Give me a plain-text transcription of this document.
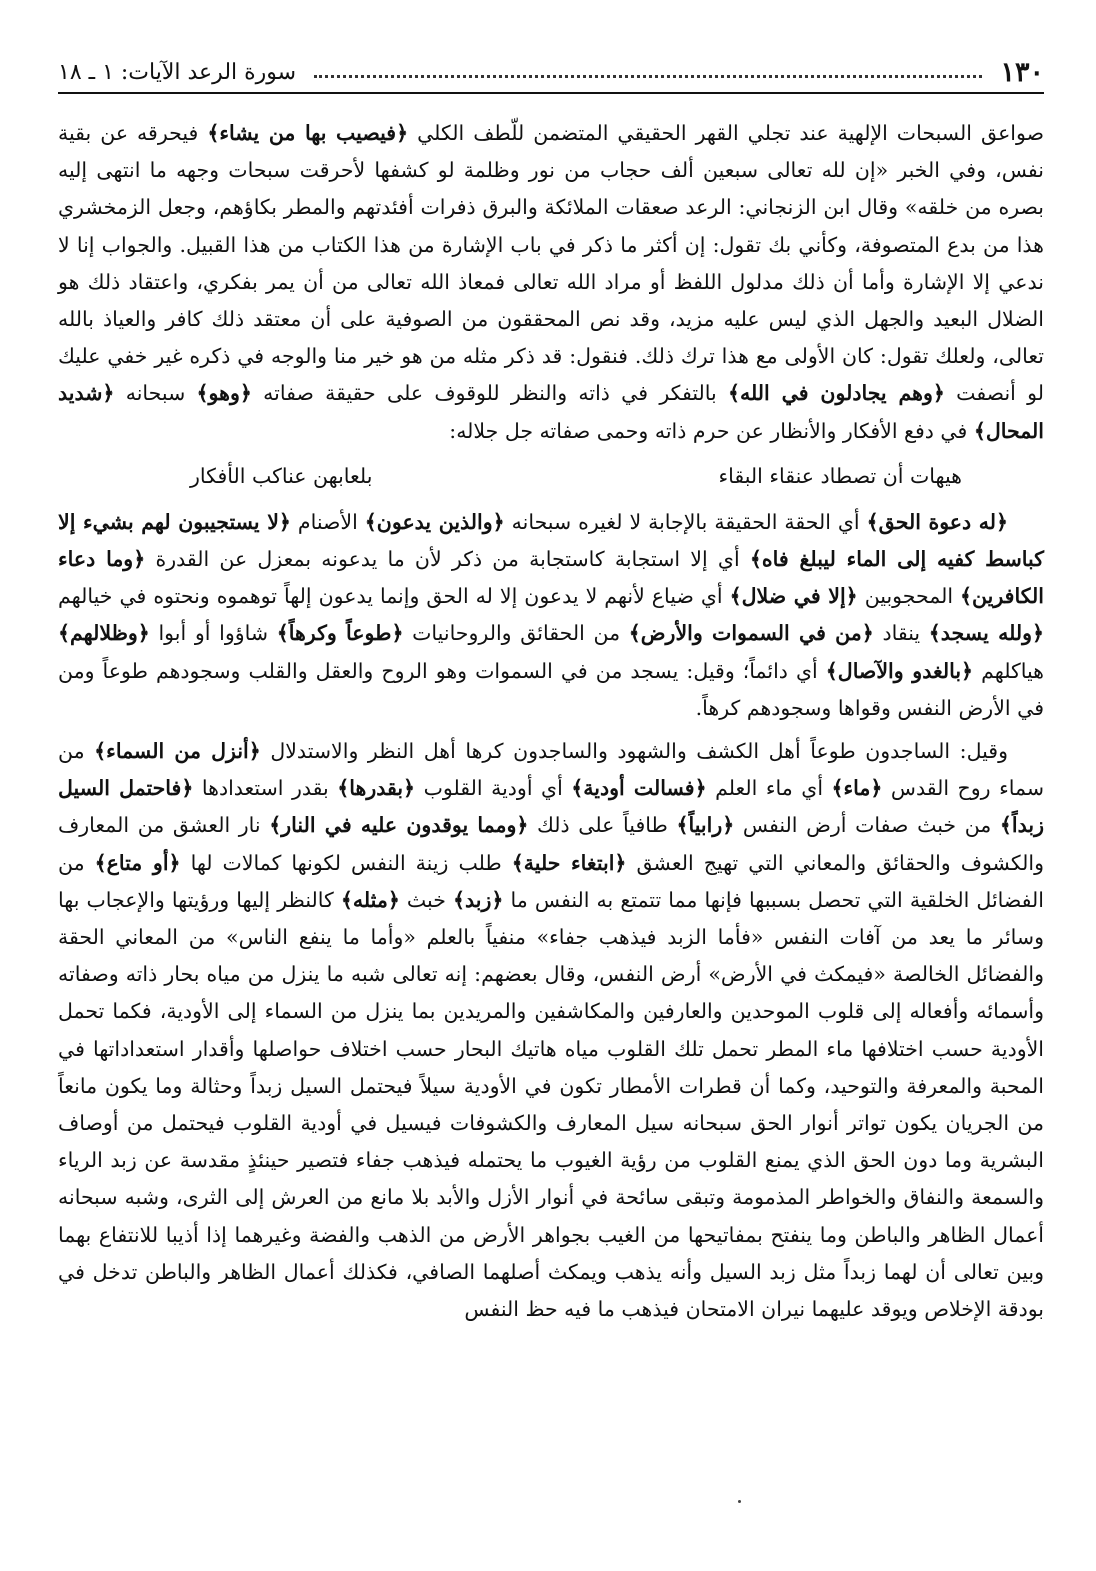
١٣٠
سورة الرعد الآيات: ١ ـ ١٨

صواعق السبحات الإلهية عند تجلي القهر الحقيقي المتضمن للّطف الكلي ﴿فيصيب بها من يشاء﴾ فيحرقه عن بقية نفس، وفي الخبر «إن لله تعالى سبعين ألف حجاب من نور وظلمة لو كشفها لأحرقت سبحات وجهه ما انتهى إليه بصره من خلقه» وقال ابن الزنجاني: الرعد صعقات الملائكة والبرق ذفرات أفئدتهم والمطر بكاؤهم، وجعل الزمخشري هذا من بدع المتصوفة، وكأني بك تقول: إن أكثر ما ذكر في باب الإشارة من هذا الكتاب من هذا القبيل. والجواب إنا لا ندعي إلا الإشارة وأما أن ذلك مدلول اللفظ أو مراد الله تعالى فمعاذ الله تعالى من أن يمر بفكري، واعتقاد ذلك هو الضلال البعيد والجهل الذي ليس عليه مزيد، وقد نص المحققون من الصوفية على أن معتقد ذلك كافر والعياذ بالله تعالى، ولعلك تقول: كان الأولى مع هذا ترك ذلك. فنقول: قد ذكر مثله من هو خير منا والوجه في ذكره غير خفي عليك لو أنصفت ﴿وهم يجادلون في الله﴾ بالتفكر في ذاته والنظر للوقوف على حقيقة صفاته ﴿وهو﴾ سبحانه ﴿شديد المحال﴾ في دفع الأفكار والأنظار عن حرم ذاته وحمى صفاته جل جلاله:

هيهات أن تصطاد عنقاء البقاء
بلعابهن عناكب الأفكار

﴿له دعوة الحق﴾ أي الحقة الحقيقة بالإجابة لا لغيره سبحانه ﴿والذين يدعون﴾ الأصنام ﴿لا يستجيبون لهم بشيء إلا كباسط كفيه إلى الماء ليبلغ فاه﴾ أي إلا استجابة كاستجابة من ذكر لأن ما يدعونه بمعزل عن القدرة ﴿وما دعاء الكافرين﴾ المحجوبين ﴿إلا في ضلال﴾ أي ضياع لأنهم لا يدعون إلا له الحق وإنما يدعون إلهاً توهموه ونحتوه في خيالهم ﴿ولله يسجد﴾ ينقاد ﴿من في السموات والأرض﴾ من الحقائق والروحانيات ﴿طوعاً وكرهاً﴾ شاؤوا أو أبوا ﴿وظلالهم﴾ هياكلهم ﴿بالغدو والآصال﴾ أي دائماً؛ وقيل: يسجد من في السموات وهو الروح والعقل والقلب وسجودهم طوعاً ومن في الأرض النفس وقواها وسجودهم كرهاً.

وقيل: الساجدون طوعاً أهل الكشف والشهود والساجدون كرها أهل النظر والاستدلال ﴿أنزل من السماء﴾ من سماء روح القدس ﴿ماء﴾ أي ماء العلم ﴿فسالت أودية﴾ أي أودية القلوب ﴿بقدرها﴾ بقدر استعدادها ﴿فاحتمل السيل زبداً﴾ من خبث صفات أرض النفس ﴿رابياً﴾ طافياً على ذلك ﴿ومما يوقدون عليه في النار﴾ نار العشق من المعارف والكشوف والحقائق والمعاني التي تهيج العشق ﴿ابتغاء حلية﴾ طلب زينة النفس لكونها كمالات لها ﴿أو متاع﴾ من الفضائل الخلقية التي تحصل بسببها فإنها مما تتمتع به النفس ما ﴿زبد﴾ خبث ﴿مثله﴾ كالنظر إليها ورؤيتها والإعجاب بها وسائر ما يعد من آفات النفس «فأما الزبد فيذهب جفاء» منفياً بالعلم «وأما ما ينفع الناس» من المعاني الحقة والفضائل الخالصة «فيمكث في الأرض» أرض النفس، وقال بعضهم: إنه تعالى شبه ما ينزل من مياه بحار ذاته وصفاته وأسمائه وأفعاله إلى قلوب الموحدين والعارفين والمكاشفين والمريدين بما ينزل من السماء إلى الأودية، فكما تحمل الأودية حسب اختلافها ماء المطر تحمل تلك القلوب مياه هاتيك البحار حسب اختلاف حواصلها وأقدار استعداداتها في المحبة والمعرفة والتوحيد، وكما أن قطرات الأمطار تكون في الأودية سيلاً فيحتمل السيل زبداً وحثالة وما يكون مانعاً من الجريان يكون تواتر أنوار الحق سبحانه سيل المعارف والكشوفات فيسيل في أودية القلوب فيحتمل من أوصاف البشرية وما دون الحق الذي يمنع القلوب من رؤية الغيوب ما يحتمله فيذهب جفاء فتصير حينئذٍ مقدسة عن زبد الرياء والسمعة والنفاق والخواطر المذمومة وتبقى سائحة في أنوار الأزل والأبد بلا مانع من العرش إلى الثرى، وشبه سبحانه أعمال الظاهر والباطن وما ينفتح بمفاتيحها من الغيب بجواهر الأرض من الذهب والفضة وغيرهما إذا أذيبا للانتفاع بهما وبين تعالى أن لهما زبداً مثل زبد السيل وأنه يذهب ويمكث أصلهما الصافي، فكذلك أعمال الظاهر والباطن تدخل في بودقة الإخلاص ويوقد عليهما نيران الامتحان فيذهب ما فيه حظ النفس
